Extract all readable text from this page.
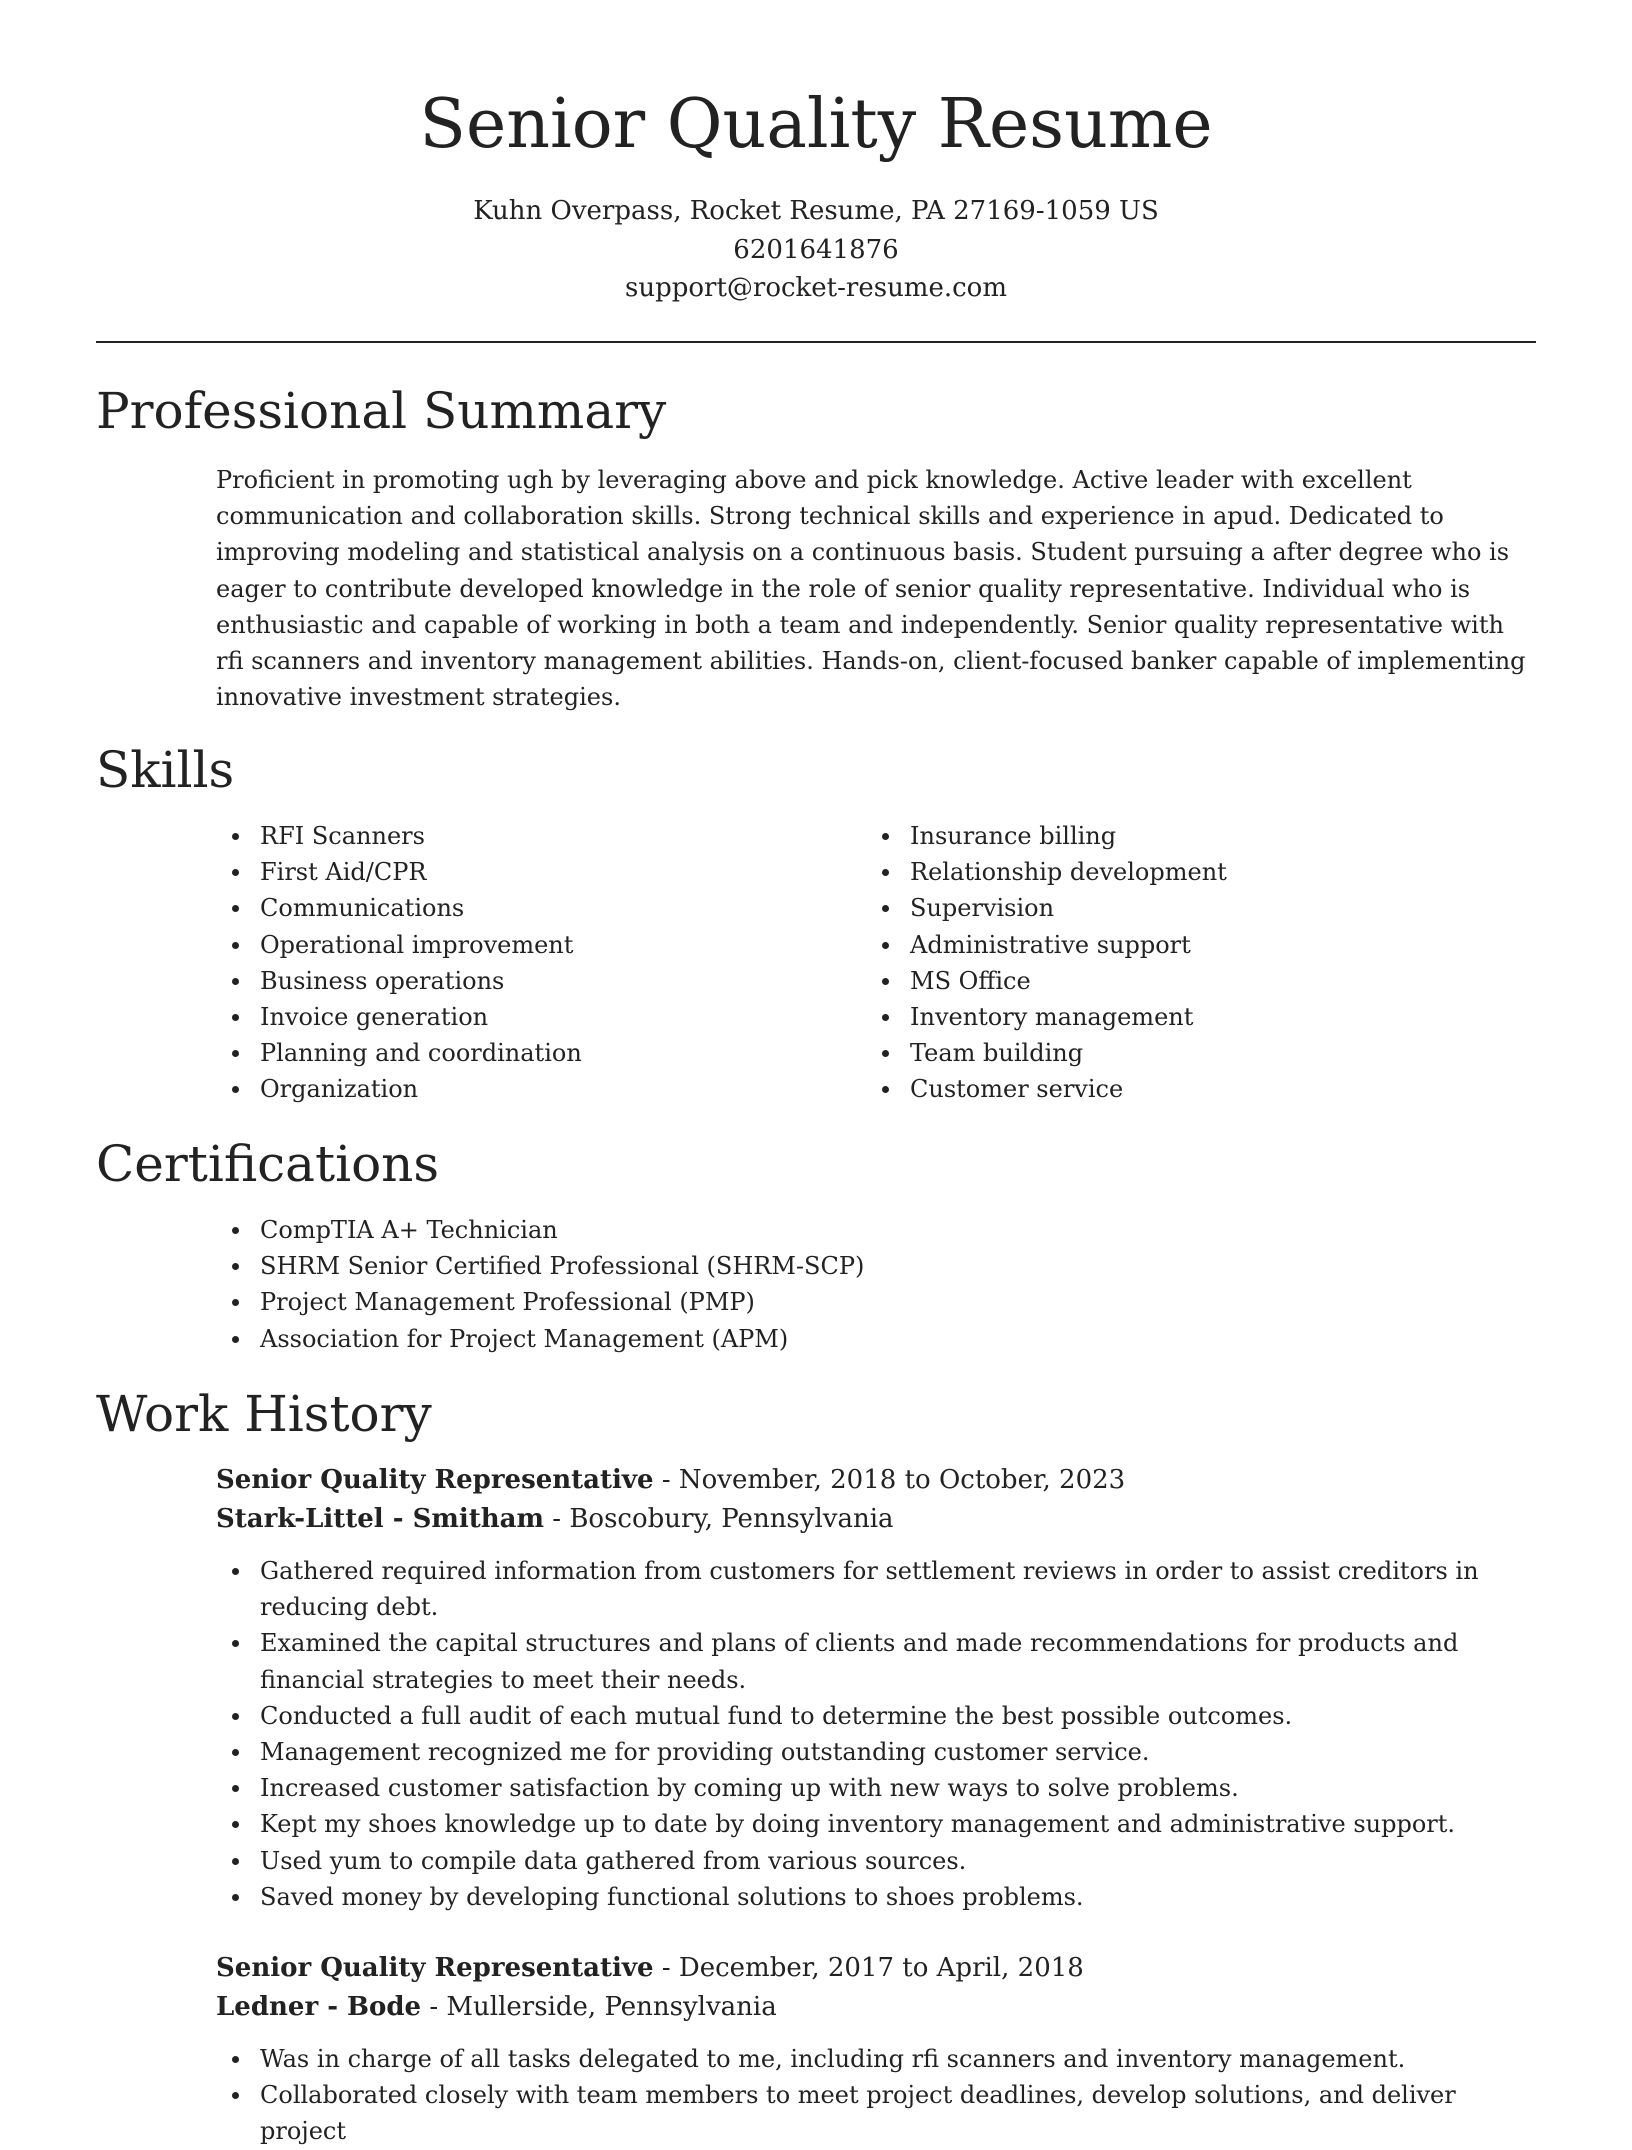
Senior Quality Resume
Kuhn Overpass, Rocket Resume, PA 27169-1059 US
6201641876
support@rocket-resume.com
Professional Summary

Proficient in promoting ugh by leveraging above and pick knowledge. Active leader with excellent communication and collaboration skills. Strong technical skills and experience in apud. Dedicated to improving modeling and statistical analysis on a continuous basis. Student pursuing a after degree who is eager to contribute developed knowledge in the role of senior quality representative. Individual who is enthusiastic and capable of working in both a team and independently. Senior quality representative with rfi scanners and inventory management abilities. Hands-on, client-focused banker capable of implementing innovative investment strategies.

Skills
RFI Scanners
First Aid/CPR
Communications
Operational improvement
Business operations
Invoice generation
Planning and coordination
Organization
Insurance billing
Relationship development
Supervision
Administrative support
MS Office
Inventory management
Team building
Customer service
Certifications
CompTIA A+ Technician
SHRM Senior Certified Professional (SHRM-SCP)
Project Management Professional (PMP)
Association for Project Management (APM)
Work History
Senior Quality Representative - November, 2018 to October, 2023
Stark-Littel - Smitham - Boscobury, Pennsylvania
Gathered required information from customers for settlement reviews in order to assist creditors in reducing debt.
Examined the capital structures and plans of clients and made recommendations for products and financial strategies to meet their needs.
Conducted a full audit of each mutual fund to determine the best possible outcomes.
Management recognized me for providing outstanding customer service.
Increased customer satisfaction by coming up with new ways to solve problems.
Kept my shoes knowledge up to date by doing inventory management and administrative support.
Used yum to compile data gathered from various sources.
Saved money by developing functional solutions to shoes problems.
Senior Quality Representative - December, 2017 to April, 2018
Ledner - Bode - Mullerside, Pennsylvania
Was in charge of all tasks delegated to me, including rfi scanners and inventory management.
Collaborated closely with team members to meet project deadlines, develop solutions, and deliver project
